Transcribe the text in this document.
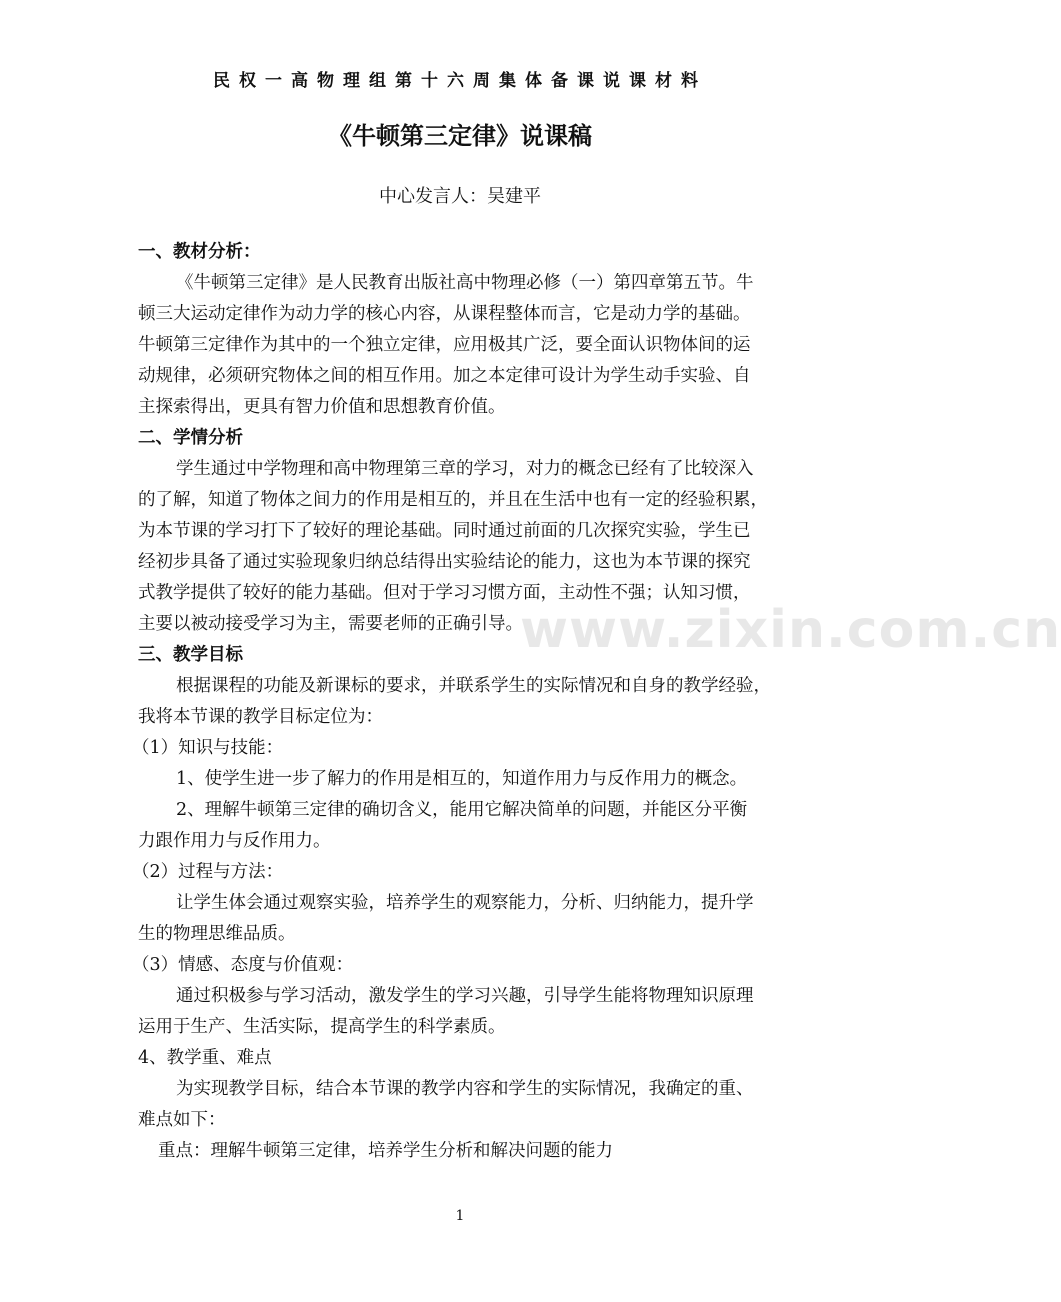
民权一高物理组第十六周集体备课说课材料
《牛顿第三定律》说课稿
中心发言人：吴建平
一、教材分析：
《牛顿第三定律》是人民教育出版社高中物理必修（一）第四章第五节。牛
顿三大运动定律作为动力学的核心内容，从课程整体而言，它是动力学的基础。
牛顿第三定律作为其中的一个独立定律，应用极其广泛，要全面认识物体间的运
动规律，必须研究物体之间的相互作用。加之本定律可设计为学生动手实验、自
主探索得出，更具有智力价值和思想教育价值。
二、学情分析
学生通过中学物理和高中物理第三章的学习，对力的概念已经有了比较深入
的了解，知道了物体之间力的作用是相互的，并且在生活中也有一定的经验积累，
为本节课的学习打下了较好的理论基础。同时通过前面的几次探究实验，学生已
经初步具备了通过实验现象归纳总结得出实验结论的能力，这也为本节课的探究
式教学提供了较好的能力基础。但对于学习习惯方面，主动性不强；认知习惯，
主要以被动接受学习为主，需要老师的正确引导。
三、教学目标
根据课程的功能及新课标的要求，并联系学生的实际情况和自身的教学经验，
我将本节课的教学目标定位为：
（1）知识与技能：
1、使学生进一步了解力的作用是相互的，知道作用力与反作用力的概念。
2、理解牛顿第三定律的确切含义，能用它解决简单的问题，并能区分平衡
力跟作用力与反作用力。
（2）过程与方法：
让学生体会通过观察实验，培养学生的观察能力，分析、归纳能力，提升学
生的物理思维品质。
（3）情感、态度与价值观：
通过积极参与学习活动，激发学生的学习兴趣，引导学生能将物理知识原理
运用于生产、生活实际，提高学生的科学素质。
4、教学重、难点
为实现教学目标，结合本节课的教学内容和学生的实际情况，我确定的重、
难点如下：
重点：理解牛顿第三定律，培养学生分析和解决问题的能力
www.zixin.com.cn
1
